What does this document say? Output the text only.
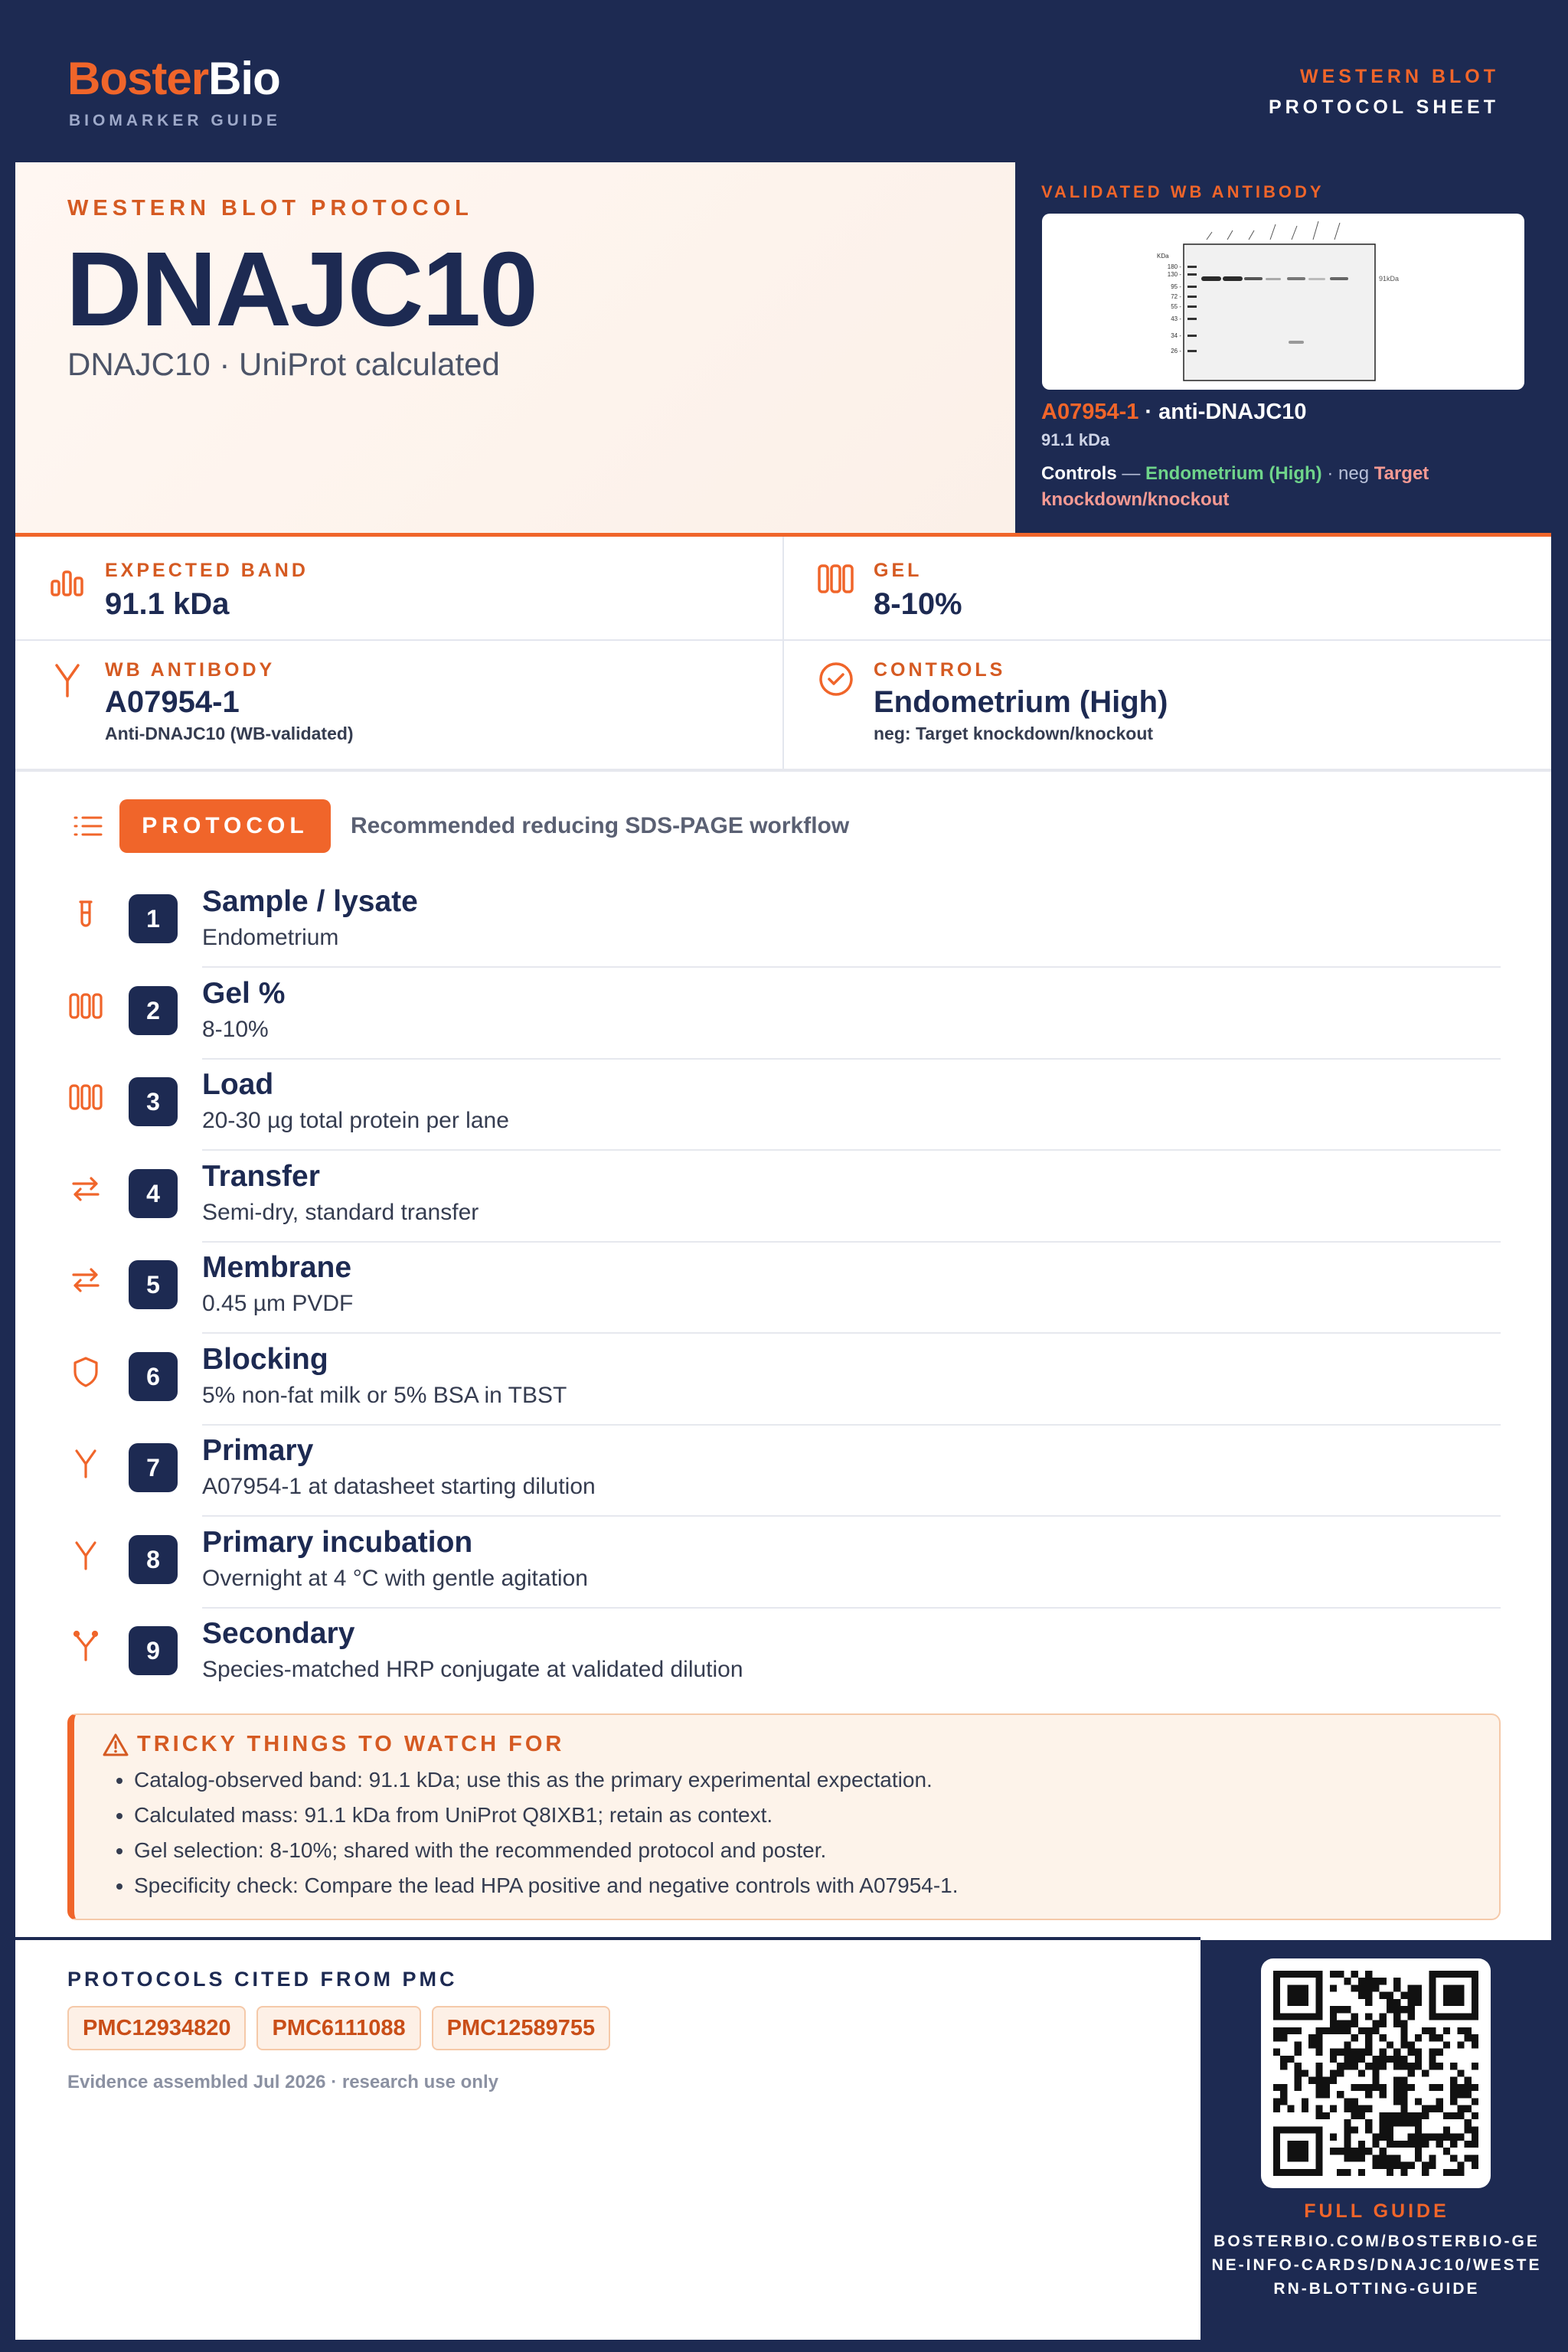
BosterBio
BIOMARKER GUIDE
WESTERN BLOT
PROTOCOL SHEET
WESTERN BLOT PROTOCOL
DNAJC10
DNAJC10 · UniProt calculated
VALIDATED WB ANTIBODY
KDa
180 -
130 -
95 -
72 -
55 -
43 -
34 -
26 -
91kDa
A07954-1 · anti-DNAJC10
91.1 kDa
Controls — Endometrium (High) · neg Target knockdown/knockout
EXPECTED BAND
91.1 kDa
GEL
8-10%
WB ANTIBODY
A07954-1
Anti-DNAJC10 (WB-validated)
CONTROLS
Endometrium (High)
neg: Target knockdown/knockout
PROTOCOL	Recommended reducing SDS-PAGE workflow
1
Sample / lysate
Endometrium
2
Gel %
8-10%
3
Load
20-30 µg total protein per lane
4
Transfer
Semi-dry, standard transfer
5
Membrane
0.45 µm PVDF
6
Blocking
5% non-fat milk or 5% BSA in TBST
7
Primary
A07954-1 at datasheet starting dilution
8
Primary incubation
Overnight at 4 °C with gentle agitation
9
Secondary
Species-matched HRP conjugate at validated dilution
TRICKY THINGS TO WATCH FOR
• Catalog-observed band: 91.1 kDa; use this as the primary experimental expectation.
• Calculated mass: 91.1 kDa from UniProt Q8IXB1; retain as context.
• Gel selection: 8-10%; shared with the recommended protocol and poster.
• Specificity check: Compare the lead HPA positive and negative controls with A07954-1.
PROTOCOLS CITED FROM PMC
PMC12934820	PMC6111088	PMC12589755
Evidence assembled Jul 2026 · research use only
FULL GUIDE
BOSTERBIO.COM/BOSTERBIO-GENE-INFO-CARDS/DNAJC10/WESTERN-BLOTTING-GUIDE
